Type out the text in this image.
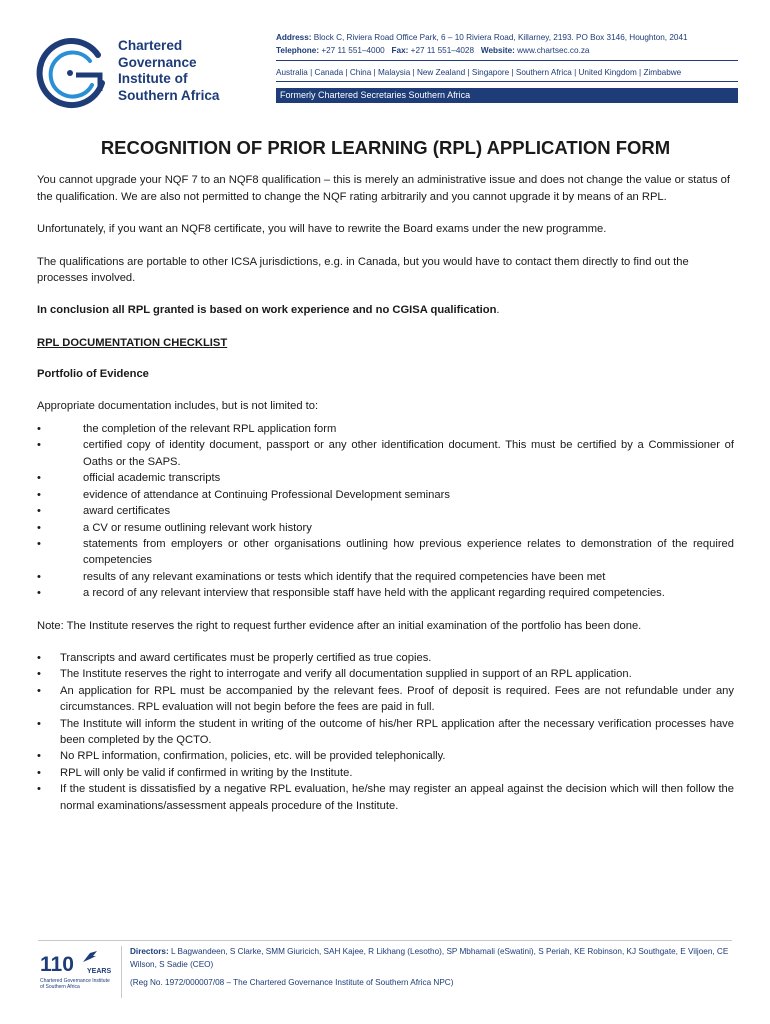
Chartered
Governance
Institute of
Southern Africa
Address: Block C, Riviera Road Office Park, 6 – 10 Riviera Road, Killarney, 2193. PO Box 3146, Houghton, 2041
Telephone: +27 11 551–4000 Fax: +27 11 551–4028 Website: www.chartsec.co.za
Australia | Canada | China | Malaysia | New Zealand | Singapore | Southern Africa | United Kingdom | Zimbabwe
Formerly Chartered Secretaries Southern Africa
RECOGNITION OF PRIOR LEARNING (RPL) APPLICATION FORM

You cannot upgrade your NQF 7 to an NQF8 qualification – this is merely an administrative issue and does not change the value or status of the qualification. We are also not permitted to change the NQF rating arbitrarily and you cannot upgrade it by means of an RPL.

Unfortunately, if you want an NQF8 certificate, you will have to rewrite the Board exams under the new programme.

The qualifications are portable to other ICSA jurisdictions, e.g. in Canada, but you would have to contact them directly to find out the processes involved.

In conclusion all RPL granted is based on work experience and no CGISA qualification.

RPL DOCUMENTATION CHECKLIST
Portfolio of Evidence

Appropriate documentation includes, but is not limited to:

•	the completion of the relevant RPL application form
•	certified copy of identity document, passport or any other identification document. This must be certified by a Commissioner of Oaths or the SAPS.
•	official academic transcripts
•	evidence of attendance at Continuing Professional Development seminars
•	award certificates
•	a CV or resume outlining relevant work history
•	statements from employers or other organisations outlining how previous experience relates to demonstration of the required competencies
•	results of any relevant examinations or tests which identify that the required competencies have been met
•	a record of any relevant interview that responsible staff have held with the applicant regarding required competencies.

Note: The Institute reserves the right to request further evidence after an initial examination of the portfolio has been done.

• Transcripts and award certificates must be properly certified as true copies.
• The Institute reserves the right to interrogate and verify all documentation supplied in support of an RPL application.
• An application for RPL must be accompanied by the relevant fees. Proof of deposit is required. Fees are not refundable under any circumstances. RPL evaluation will not begin before the fees are paid in full.
• The Institute will inform the student in writing of the outcome of his/her RPL application after the necessary verification processes have been completed by the QCTO.
• No RPL information, confirmation, policies, etc. will be provided telephonically.
• RPL will only be valid if confirmed in writing by the Institute.
• If the student is dissatisfied by a negative RPL evaluation, he/she may register an appeal against the decision which will then follow the normal examinations/assessment appeals procedure of the Institute.
110	YEARS
Chartered Governance Institute of Southern Africa
Directors: L Bagwandeen, S Clarke, SMM Giuricich, SAH Kajee, R Likhang (Lesotho), SP Mbhamali (eSwatini), S Periah, KE Robinson, KJ Southgate, E Viljoen, CE Wilson, S Sadie (CEO)
(Reg No. 1972/000007/08 – The Chartered Governance Institute of Southern Africa NPC)
